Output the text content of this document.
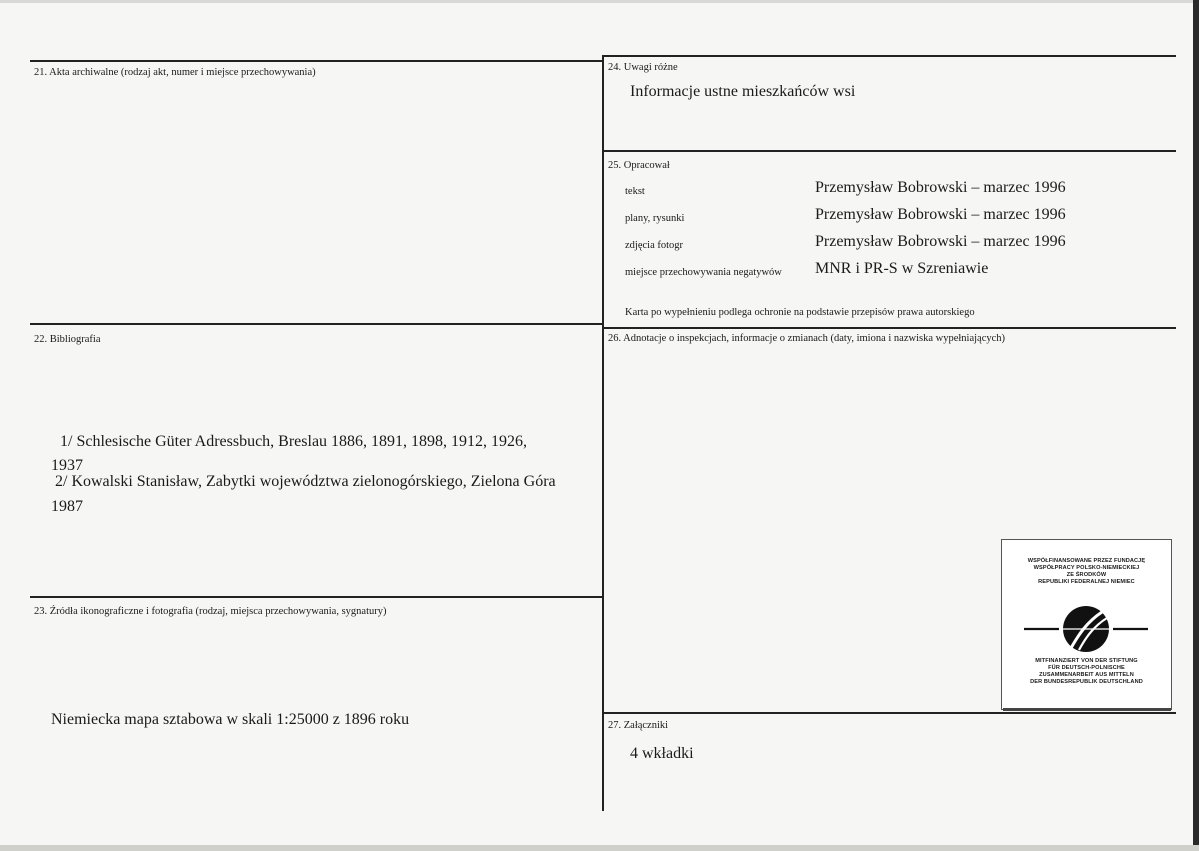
21. Akta archiwalne (rodzaj akt, numer i miejsce przechowywania)
22. Bibliografia
1/ Schlesische Güter Adressbuch, Breslau 1886, 1891, 1898, 1912, 1926,
1937
2/ Kowalski Stanisław, Zabytki województwa zielonogórskiego, Zielona Góra
1987
23. Źródła ikonograficzne i fotografia (rodzaj, miejsca przechowywania, sygnatury)
Niemiecka mapa sztabowa w skali 1:25000 z 1896 roku
24. Uwagi różne
Informacje ustne mieszkańców wsi
25. Opracował
tekst	Przemysław Bobrowski – marzec 1996
plany, rysunki	Przemysław Bobrowski – marzec 1996
zdjęcia fotogr	Przemysław Bobrowski – marzec 1996
miejsce przechowywania negatywów MNR i PR-S w Szreniawie
Karta po wypełnieniu podlega ochronie na podstawie przepisów prawa autorskiego
26. Adnotacje o inspekcjach, informacje o zmianach (daty, imiona i nazwiska wypełniających)
WSPÓŁFINANSOWANE PRZEZ FUNDACJĘ
WSPÓŁPRACY POLSKO-NIEMIECKIEJ
ZE ŚRODKÓW
REPUBLIKI FEDERALNEJ NIEMIEC
MITFINANZIERT VON DER STIFTUNG
FÜR DEUTSCH-POLNISCHE
ZUSAMMENARBEIT AUS MITTELN
DER BUNDESREPUBLIK DEUTSCHLAND
27. Załączniki
4 wkładki
